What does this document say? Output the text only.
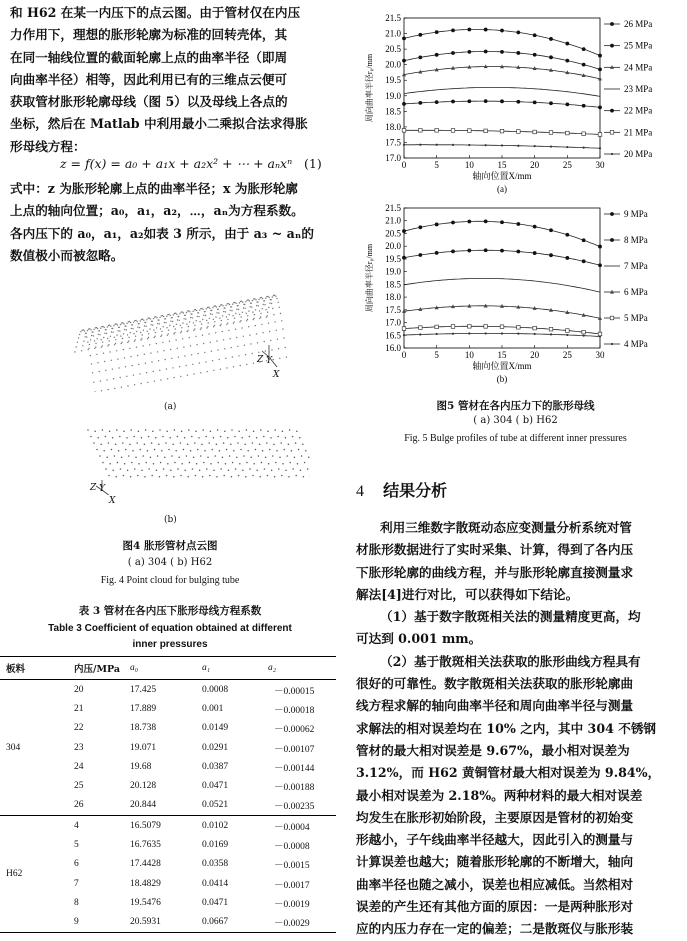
和 H62 在某一内压下的点云图。由于管材仅在内压
力作用下，理想的胀形轮廓为标准的回转壳体，其
在同一轴线位置的截面轮廓上点的曲率半径（即周
向曲率半径）相等，因此利用已有的三维点云便可
获取管材胀形轮廓母线（图 5）以及母线上各点的
坐标，然后在 Matlab 中利用最小二乘拟合法求得胀
形母线方程：
z = f(x) = a₀ + a₁x + a₂x² + ⋯ + aₙxⁿ (1)
式中：z 为胀形轮廓上点的曲率半径；x 为胀形轮廓
上点的轴向位置；a₀，a₁，a₂，⋯，aₙ为方程系数。
各内压下的 a₀，a₁，a₂如表 3 所示，由于 a₃ ~ aₙ的
数值极小而被忽略。
Z Y
X
(a)
Z Y
X
(b)
图4 胀形管材点云图
( a) 304 ( b) H62
Fig. 4 Point cloud for bulging tube
表 3 管材在各内压下胀形母线方程系数
Table 3 Coefficient of equation obtained at different
inner pressures
板料	内压/MPa	a₀	a₁	a₂
304	20	17.425	0.0008	－0.00015
	21	17.889	0.001	－0.00018
	22	18.738	0.0149	－0.00062
	23	19.071	0.0291	－0.00107
	24	19.68	0.0387	－0.00144
	25	20.128	0.0471	－0.00188
	26	20.844	0.0521	－0.00235
H62	4	16.5079	0.0102	－0.0004
	5	16.7635	0.0169	－0.0008
	6	17.4428	0.0358	－0.0015
	7	18.4829	0.0414	－0.0017
	8	19.5476	0.0471	－0.0019
	9	20.5931	0.0667	－0.0029
0	5	10	15	20	25	30
17.0
17.5
18.0
18.5
19.0
19.5
20.0
20.5
21.0
21.5
轴向位置X/mm
周向曲率半径r₀/mm
(a)
26 MPa
25 MPa
24 MPa
23 MPa
22 MPa
21 MPa
20 MPa
0	5	10	15	20	25	30
16.0
16.5
17.0
17.5
18.0
18.5
19.0
19.5
20.0
20.5
21.0
21.5
轴向位置X/mm
周向曲率半径r₀/mm
(b)
9 MPa
8 MPa
7 MPa
6 MPa
5 MPa
4 MPa
图5 管材在各内压力下的胀形母线
( a) 304 ( b) H62
Fig. 5 Bulge profiles of tube at different inner pressures
4 结果分析
利用三维数字散斑动态应变测量分析系统对管
材胀形数据进行了实时采集、计算，得到了各内压
下胀形轮廓的曲线方程，并与胀形轮廓直接测量求
解法[4]进行对比，可以获得如下结论。
（1）基于数字散斑相关法的测量精度更高，均
可达到 0.001 mm。
（2）基于散斑相关法获取的胀形曲线方程具有
很好的可靠性。数字散斑相关法获取的胀形轮廓曲
线方程求解的轴向曲率半径和周向曲率半径与测量
求解法的相对误差均在 10% 之内，其中 304 不锈钢
管材的最大相对误差是 9.67%，最小相对误差为
3.12%，而 H62 黄铜管材最大相对误差为 9.84%，
最小相对误差为 2.18%。两种材料的最大相对误差
均发生在胀形初始阶段，主要原因是管材的初始变
形越小，子午线曲率半径越大，因此引入的测量与
计算误差也越大；随着胀形轮廓的不断增大，轴向
曲率半径也随之减小，误差也相应减低。当然相对
误差的产生还有其他方面的原因：一是两种胀形对
应的内压力存在一定的偏差；二是散斑仪与胀形装
